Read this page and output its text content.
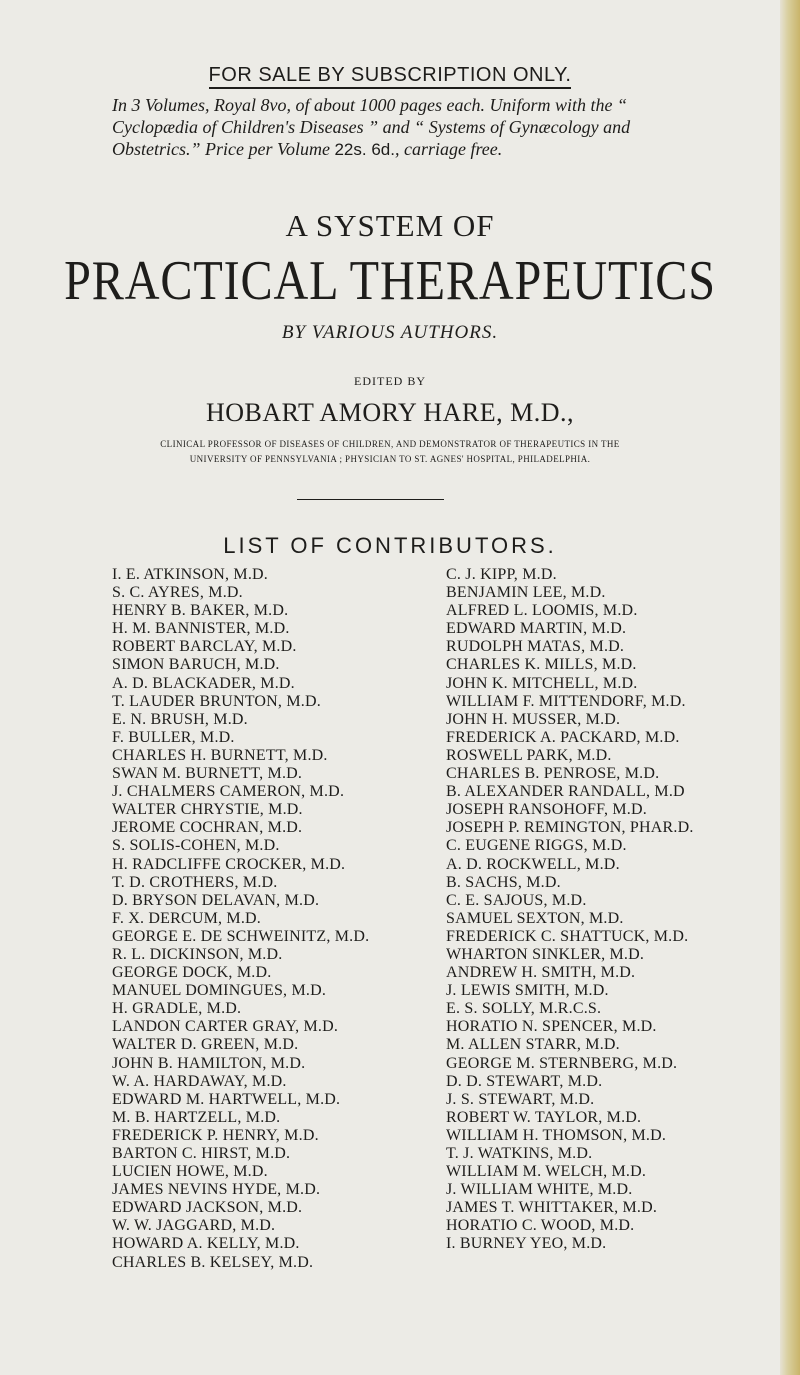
FOR SALE BY SUBSCRIPTION ONLY.

In 3 Volumes, Royal 8vo, of about 1000 pages each. Uniform with the “ Cyclopædia of Children's Diseases ” and “ Systems of Gynæcology and Obstetrics.” Price per Volume 22s. 6d., carriage free.

A SYSTEM OF

PRACTICAL THERAPEUTICS

BY VARIOUS AUTHORS.

EDITED BY

HOBART AMORY HARE, M.D.,

CLINICAL PROFESSOR OF DISEASES OF CHILDREN, AND DEMONSTRATOR OF THERAPEUTICS IN THE

UNIVERSITY OF PENNSYLVANIA ; PHYSICIAN TO ST. AGNES' HOSPITAL, PHILADELPHIA.

LIST OF CONTRIBUTORS.

I. E. ATKINSON, M.D.
S. C. AYRES, M.D.
HENRY B. BAKER, M.D.
H. M. BANNISTER, M.D.
ROBERT BARCLAY, M.D.
SIMON BARUCH, M.D.
A. D. BLACKADER, M.D.
T. LAUDER BRUNTON, M.D.
E. N. BRUSH, M.D.
F. BULLER, M.D.
CHARLES H. BURNETT, M.D.
SWAN M. BURNETT, M.D.
J. CHALMERS CAMERON, M.D.
WALTER CHRYSTIE, M.D.
JEROME COCHRAN, M.D.
S. SOLIS-COHEN, M.D.
H. RADCLIFFE CROCKER, M.D.
T. D. CROTHERS, M.D.
D. BRYSON DELAVAN, M.D.
F. X. DERCUM, M.D.
GEORGE E. DE SCHWEINITZ, M.D.
R. L. DICKINSON, M.D.
GEORGE DOCK, M.D.
MANUEL DOMINGUES, M.D.
H. GRADLE, M.D.
LANDON CARTER GRAY, M.D.
WALTER D. GREEN, M.D.
JOHN B. HAMILTON, M.D.
W. A. HARDAWAY, M.D.
EDWARD M. HARTWELL, M.D.
M. B. HARTZELL, M.D.
FREDERICK P. HENRY, M.D.
BARTON C. HIRST, M.D.
LUCIEN HOWE, M.D.
JAMES NEVINS HYDE, M.D.
EDWARD JACKSON, M.D.
W. W. JAGGARD, M.D.
HOWARD A. KELLY, M.D.
CHARLES B. KELSEY, M.D.
C. J. KIPP, M.D.
BENJAMIN LEE, M.D.
ALFRED L. LOOMIS, M.D.
EDWARD MARTIN, M.D.
RUDOLPH MATAS, M.D.
CHARLES K. MILLS, M.D.
JOHN K. MITCHELL, M.D.
WILLIAM F. MITTENDORF, M.D.
JOHN H. MUSSER, M.D.
FREDERICK A. PACKARD, M.D.
ROSWELL PARK, M.D.
CHARLES B. PENROSE, M.D.
B. ALEXANDER RANDALL, M.D
JOSEPH RANSOHOFF, M.D.
JOSEPH P. REMINGTON, PHAR.D.
C. EUGENE RIGGS, M.D.
A. D. ROCKWELL, M.D.
B. SACHS, M.D.
C. E. SAJOUS, M.D.
SAMUEL SEXTON, M.D.
FREDERICK C. SHATTUCK, M.D.
WHARTON SINKLER, M.D.
ANDREW H. SMITH, M.D.
J. LEWIS SMITH, M.D.
E. S. SOLLY, M.R.C.S.
HORATIO N. SPENCER, M.D.
M. ALLEN STARR, M.D.
GEORGE M. STERNBERG, M.D.
D. D. STEWART, M.D.
J. S. STEWART, M.D.
ROBERT W. TAYLOR, M.D.
WILLIAM H. THOMSON, M.D.
T. J. WATKINS, M.D.
WILLIAM M. WELCH, M.D.
J. WILLIAM WHITE, M.D.
JAMES T. WHITTAKER, M.D.
HORATIO C. WOOD, M.D.
I. BURNEY YEO, M.D.
